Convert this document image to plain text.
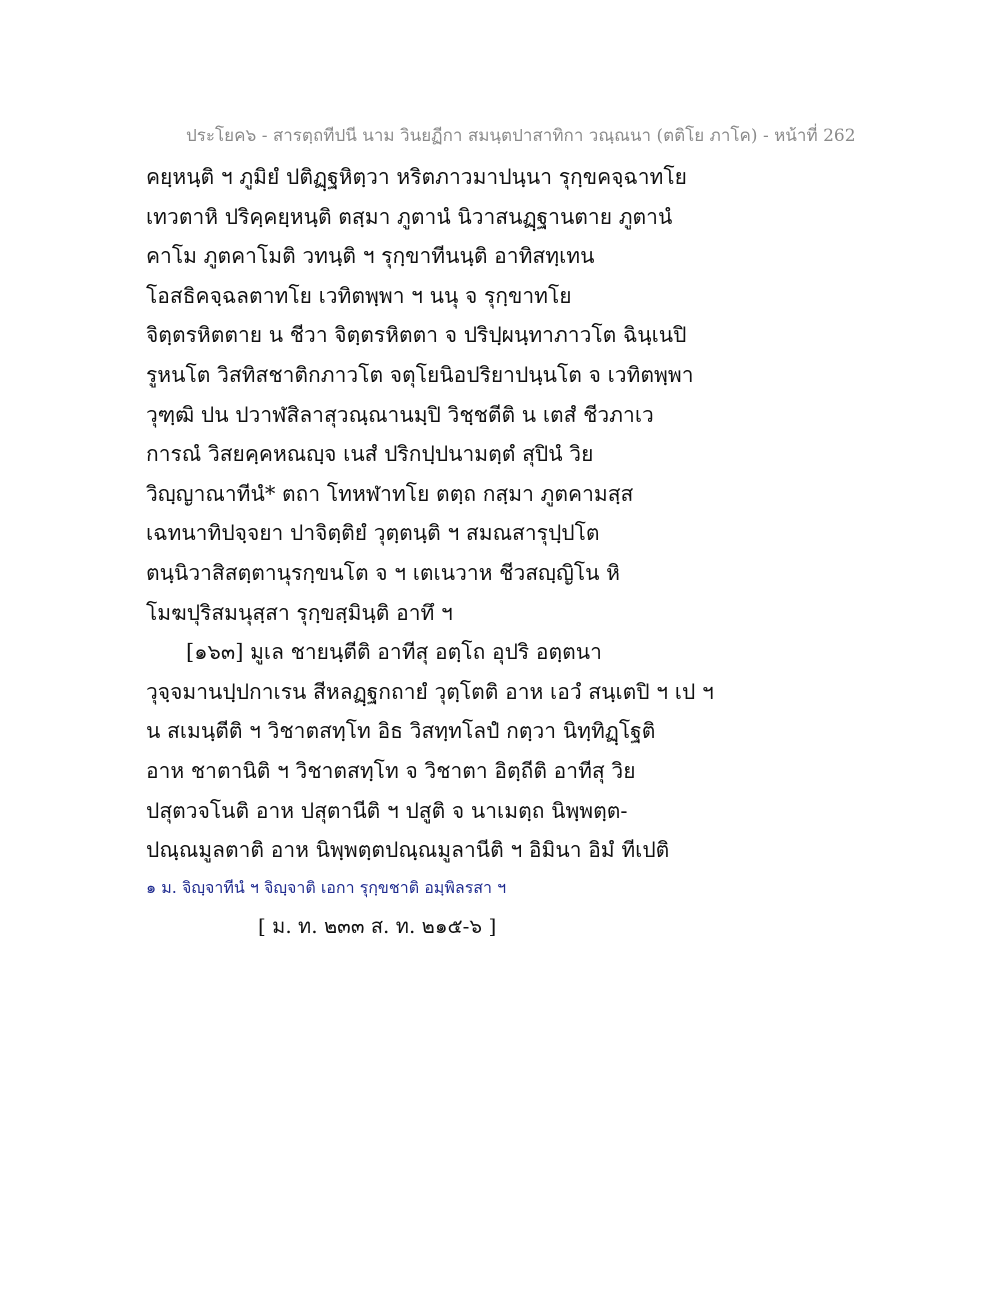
ประโยค๖ - สารตฺถทีปนี นาม วินยฏีกา สมนฺตปาสาทิกา วณฺณนา (ตติโย ภาโค) - หน้าที่ 262
คยฺหนฺติ ฯ ภูมิยํ ปติฏฺฐหิตฺวา หริตภาวมาปนฺนา รุกฺขคจฺฉาทโย
เทวตาหิ ปริคฺคยฺหนฺติ ตสฺมา ภูตานํ นิวาสนฏฺฐานตาย ภูตานํ
คาโม ภูตคาโมติ วทนฺติ ฯ รุกฺขาทีนนฺติ อาทิสทฺเทน
โอสธิคจฺฉลตาทโย เวทิตพฺพา ฯ นนุ จ รุกฺขาทโย
จิตฺตรหิตตาย น ชีวา จิตฺตรหิตตา จ ปริปฺผนฺทาภาวโต ฉินฺเนปิ
รูหนโต วิสทิสชาติกภาวโต จตุโยนิอปริยาปนฺนโต จ เวทิตพฺพา
วุฑฺฒิ ปน ปวาฬสิลาสุวณฺณานมฺปิ วิชฺชตีติ น เตสํ ชีวภาเว
การณํ วิสยคฺคหณญฺจ เนสํ ปริกปฺปนามตฺตํ สุปินํ วิย
วิญฺญาณาทีนํ* ตถา โทหฬาทโย ตตฺถ กสฺมา ภูตคามสฺส
เฉทนาทิปจฺจยา ปาจิตฺติยํ วุตฺตนฺติ ฯ สมณสารุปฺปโต
ตนฺนิวาสิสตฺตานุรกฺขนโต จ ฯ เตเนวาห ชีวสญฺญิโน หิ
โมฆปุริสมนุสฺสา รุกฺขสฺมินฺติ อาทึ ฯ
[๑๖๓] มูเล ชายนฺตีติ อาทีสุ อตฺโถ อุปริ อตฺตนา
วุจฺจมานปฺปกาเรน สีหลฏฺฐกถายํ วุตฺโตติ อาห เอวํ สนฺเตปิ ฯ เป ฯ
น สเมนฺตีติ ฯ วิชาตสทฺโท อิธ วิสทฺทโลปํ กตฺวา นิทฺทิฏฺโฐติ
อาห ชาตานิติ ฯ วิชาตสทฺโท จ วิชาตา อิตฺถีติ อาทีสุ วิย
ปสุตวจโนติ อาห ปสุตานีติ ฯ ปสูติ จ นาเมตฺถ นิพฺพตฺต-
ปณฺณมูลตาติ อาห นิพฺพตฺตปณฺณมูลานีติ ฯ อิมินา อิมํ ทีเปติ
๑ ม. จิญฺจาทีนํ ฯ จิญฺจาติ เอกา รุกฺขชาติ อมฺพิลรสา ฯ
[ ม. ท. ๒๓๓ ส. ท. ๒๑๕-๖ ]
